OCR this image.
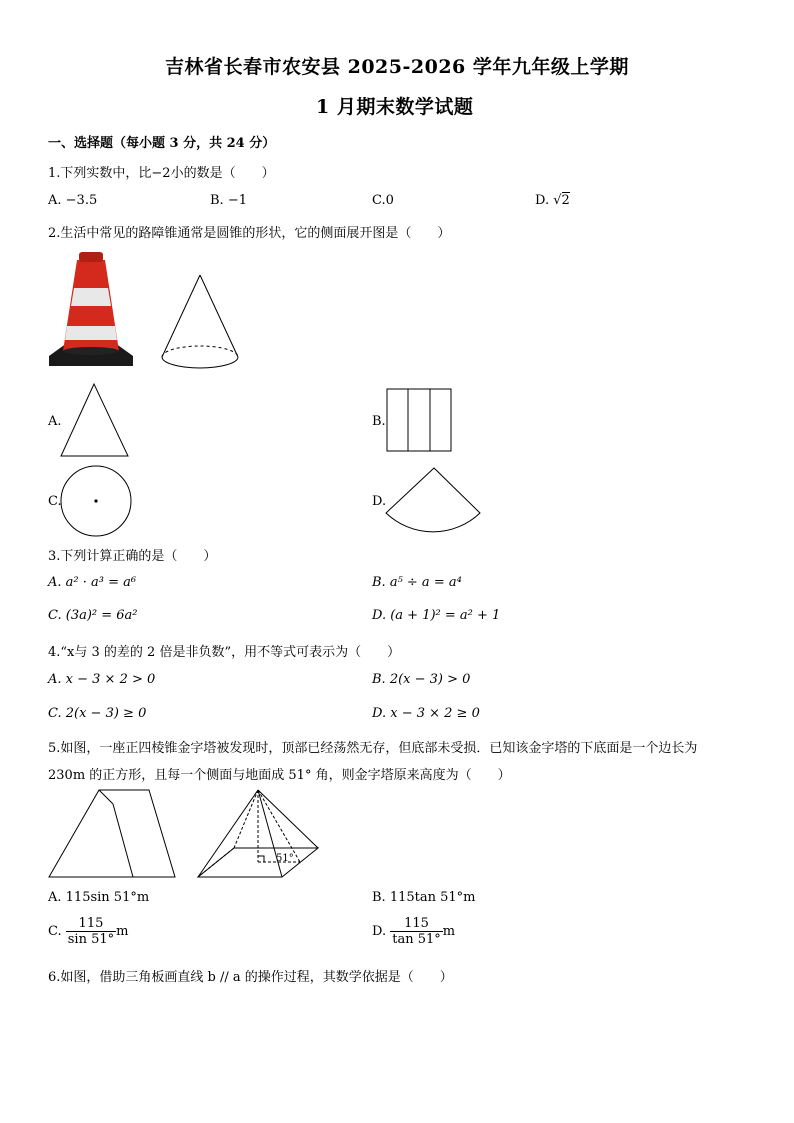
吉林省长春市农安县 2025-2026 学年九年级上学期
1 月期末数学试题
一、选择题（每小题 3 分，共 24 分）
1.下列实数中，比−2小的数是（　　）
A. −3.5	B. −1	C.0	D. √2
2.生活中常见的路障锥通常是圆锥的形状，它的侧面展开图是（　　）
A.	B.
C.	D.
3.下列计算正确的是（　　）
A. a² · a³ = a⁶	B. a⁵ ÷ a = a⁴
C. (3a)² = 6a²	D. (a + 1)² = a² + 1
4.“x与 3 的差的 2 倍是非负数”，用不等式可表示为（　　）
A. x − 3 × 2 > 0	B. 2(x − 3) > 0
C. 2(x − 3) ≥ 0	D. x − 3 × 2 ≥ 0
5.如图，一座正四棱锥金字塔被发现时，顶部已经荡然无存，但底部未受损．已知该金字塔的下底面是一个边长为
230m 的正方形，且每一个侧面与地面成 51° 角，则金字塔原来高度为（　　）
51°
A. 115sin 51°m	B. 115tan 51°m
C. $\frac{115}{\sin 51^\circ}$ m	D. $\frac{115}{\tan 51^\circ}$ m
6.如图，借助三角板画直线 b // a 的操作过程，其数学依据是（　　）
